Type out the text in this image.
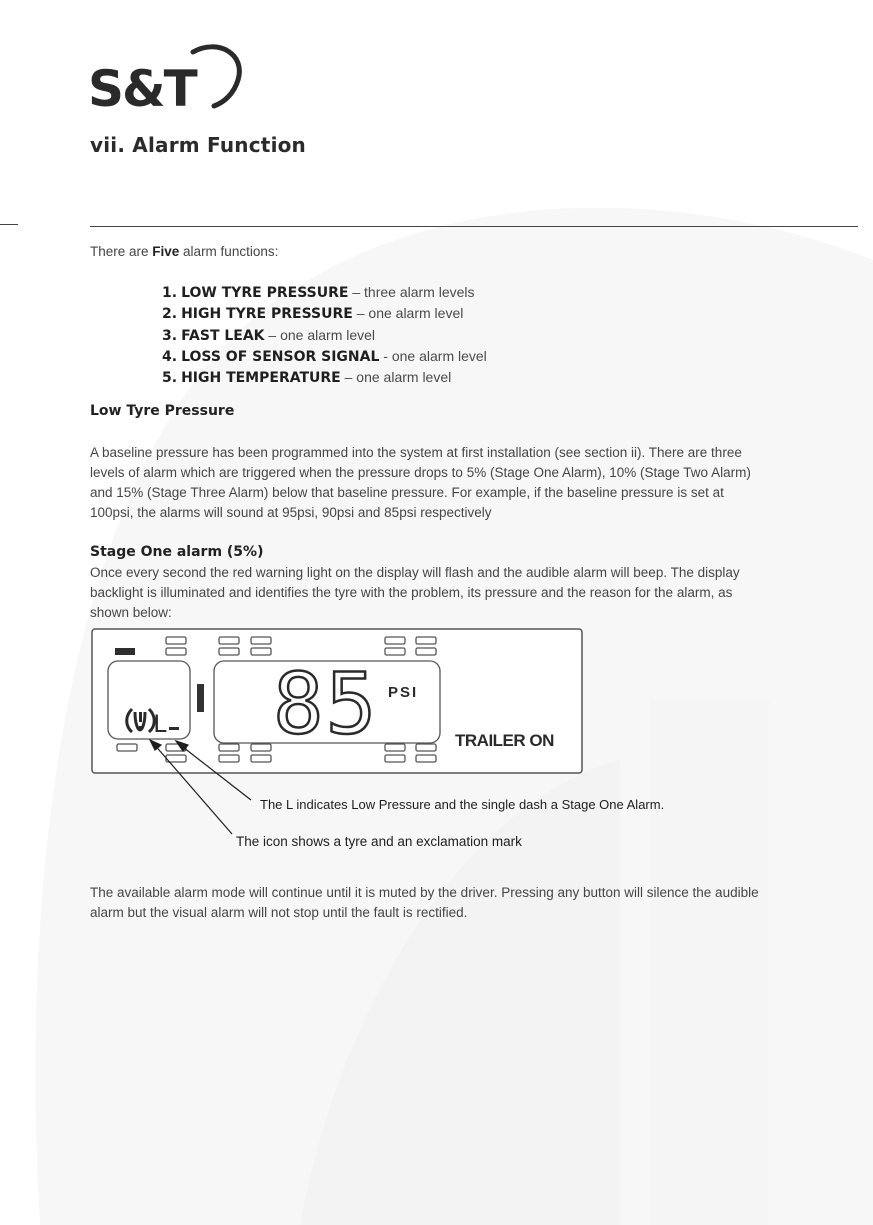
S&T
vii. Alarm Function
There are Five alarm functions:
1. LOW TYRE PRESSURE – three alarm levels
2. HIGH TYRE PRESSURE – one alarm level
3. FAST LEAK – one alarm level
4. LOSS OF SENSOR SIGNAL - one alarm level
5. HIGH TEMPERATURE – one alarm level
Low Tyre Pressure
A baseline pressure has been programmed into the system at first installation (see section ii). There are three
levels of alarm which are triggered when the pressure drops to 5% (Stage One Alarm), 10% (Stage Two Alarm)
and 15% (Stage Three Alarm) below that baseline pressure. For example, if the baseline pressure is set at
100psi, the alarms will sound at 95psi, 90psi and 85psi respectively
Stage One alarm (5%)
Once every second the red warning light on the display will flash and the audible alarm will beep. The display
backlight is illuminated and identifies the tyre with the problem, its pressure and the reason for the alarm, as
shown below:
L 85 PSI
TRAILER ON
The L indicates Low Pressure and the single dash a Stage One Alarm.
The icon shows a tyre and an exclamation mark
The available alarm mode will continue until it is muted by the driver. Pressing any button will silence the audible
alarm but the visual alarm will not stop until the fault is rectified.
